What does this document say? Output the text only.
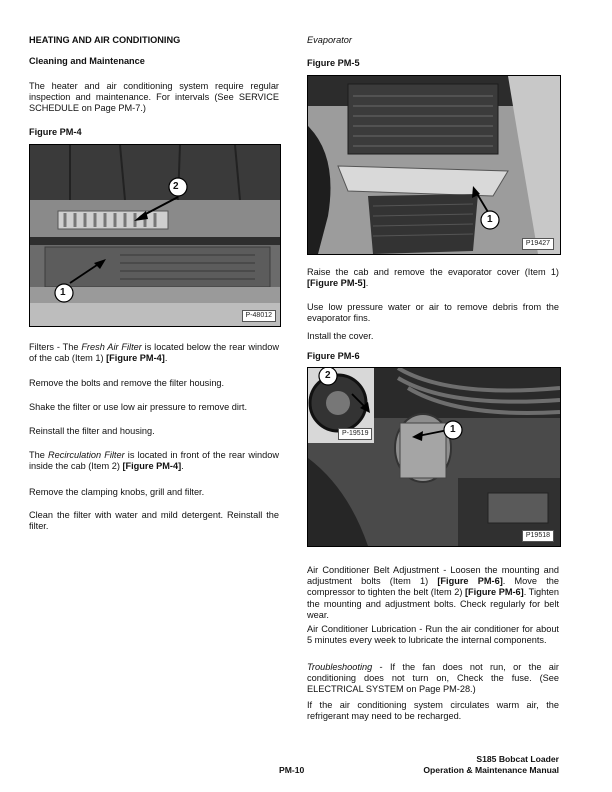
Cleaning and Maintenance
HEATING AND AIR CONDITIONING
The heater and air conditioning system require regular inspection and maintenance. For intervals (See SERVICE SCHEDULE on Page PM-7.)
Figure PM-4
2
1
P-48012
Filters - The Fresh Air Filter is located below the rear window of the cab (Item 1) [Figure PM-4].
Remove the bolts and remove the filter housing.
Shake the filter or use low air pressure to remove dirt.
Reinstall the filter and housing.
The Recirculation Filter is located in front of the rear window inside the cab (Item 2) [Figure PM-4].
Remove the clamping knobs, grill and filter.
Clean the filter with water and mild detergent. Reinstall the filter.
Evaporator
Figure PM-5
1
P19427
Raise the cab and remove the evaporator cover (Item 1) [Figure PM-5].
Use low pressure water or air to remove debris from the evaporator fins.
Install the cover.
Figure PM-6
1
2
P-19519
P19518
Air Conditioner Belt Adjustment - Loosen the mounting and adjustment bolts (Item 1) [Figure PM-6]. Move the compressor to tighten the belt (Item 2) [Figure PM-6]. Tighten the mounting and adjustment bolts. Check regularly for belt wear.
Air Conditioner Lubrication - Run the air conditioner for about 5 minutes every week to lubricate the internal components.
Troubleshooting - If the fan does not run, or the air conditioning does not turn on, Check the fuse. (See ELECTRICAL SYSTEM on Page PM-28.)
If the air conditioning system circulates warm air, the refrigerant may need to be recharged.
PM-10
S185 Bobcat Loader
Operation & Maintenance Manual
